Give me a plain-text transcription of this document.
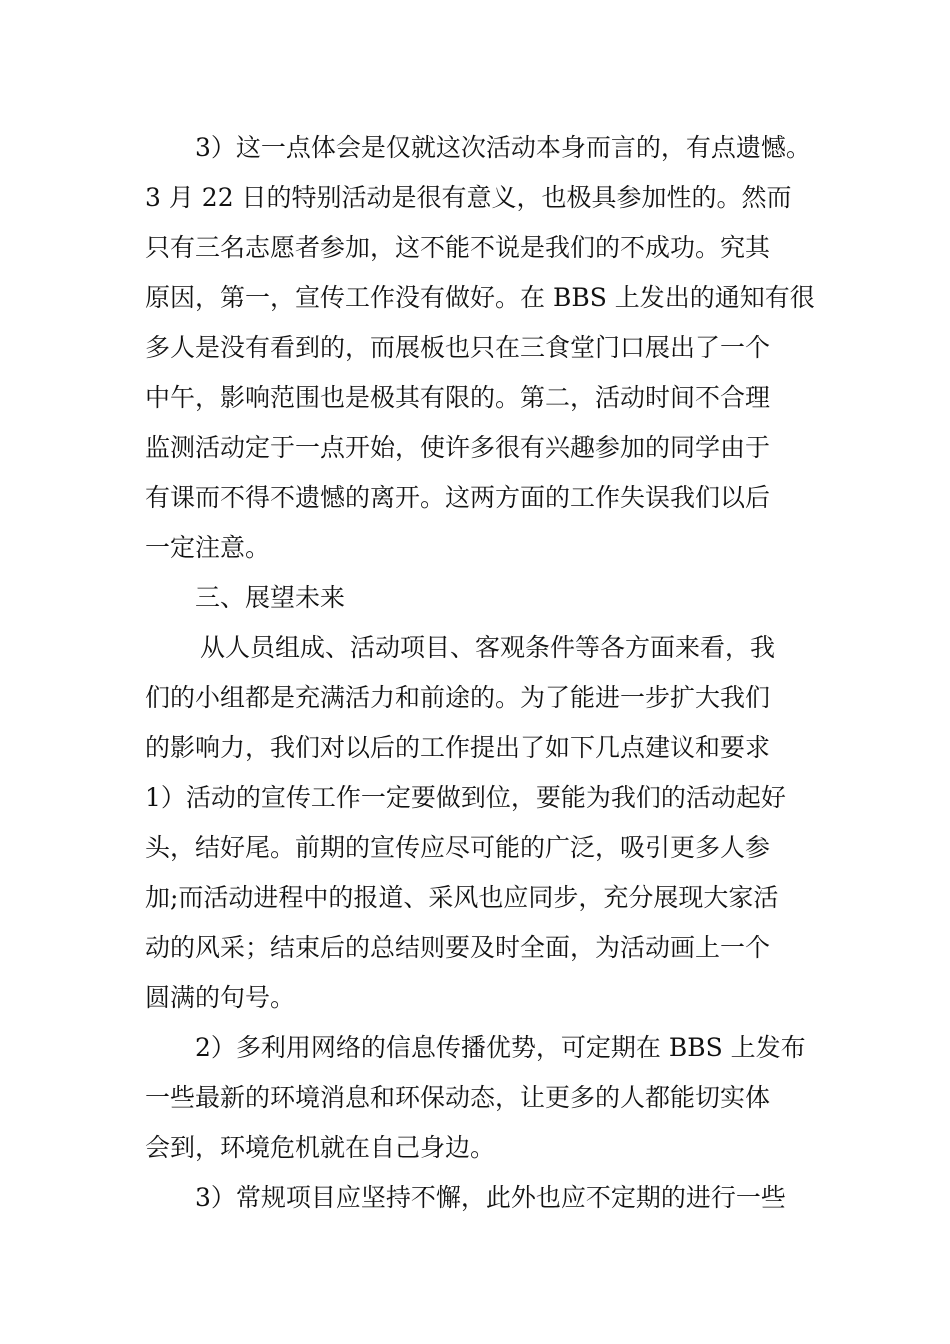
3）这一点体会是仅就这次活动本身而言的，有点遗憾。
3 月 22 日的特别活动是很有意义，也极具参加性的。然而
只有三名志愿者参加，这不能不说是我们的不成功。究其
原因，第一，宣传工作没有做好。在 BBS 上发出的通知有很
多人是没有看到的，而展板也只在三食堂门口展出了一个
中午，影响范围也是极其有限的。第二，活动时间不合理
监测活动定于一点开始，使许多很有兴趣参加的同学由于
有课而不得不遗憾的离开。这两方面的工作失误我们以后
一定注意。
三、展望未来
从人员组成、活动项目、客观条件等各方面来看，我
们的小组都是充满活力和前途的。为了能进一步扩大我们
的影响力，我们对以后的工作提出了如下几点建议和要求
1）活动的宣传工作一定要做到位，要能为我们的活动起好
头，结好尾。前期的宣传应尽可能的广泛，吸引更多人参
加;而活动进程中的报道、采风也应同步，充分展现大家活
动的风采；结束后的总结则要及时全面，为活动画上一个
圆满的句号。
2）多利用网络的信息传播优势，可定期在 BBS 上发布
一些最新的环境消息和环保动态，让更多的人都能切实体
会到，环境危机就在自己身边。
3）常规项目应坚持不懈，此外也应不定期的进行一些
